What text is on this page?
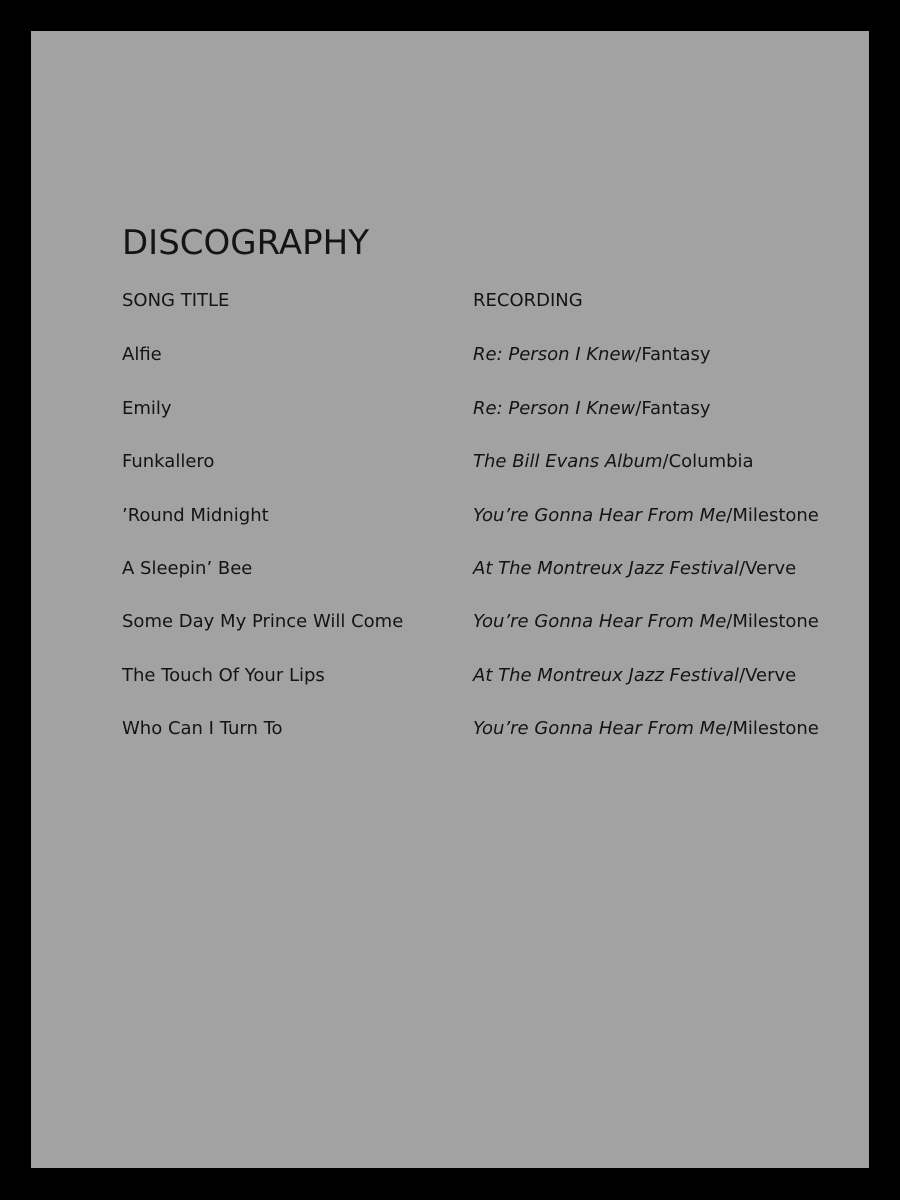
DISCOGRAPHY
SONG TITLE	RECORDING
Alfie	Re: Person I Knew/Fantasy
Emily	Re: Person I Knew/Fantasy
Funkallero	The Bill Evans Album/Columbia
’Round Midnight	You’re Gonna Hear From Me/Milestone
A Sleepin’ Bee	At The Montreux Jazz Festival/Verve
Some Day My Prince Will Come	You’re Gonna Hear From Me/Milestone
The Touch Of Your Lips	At The Montreux Jazz Festival/Verve
Who Can I Turn To	You’re Gonna Hear From Me/Milestone
